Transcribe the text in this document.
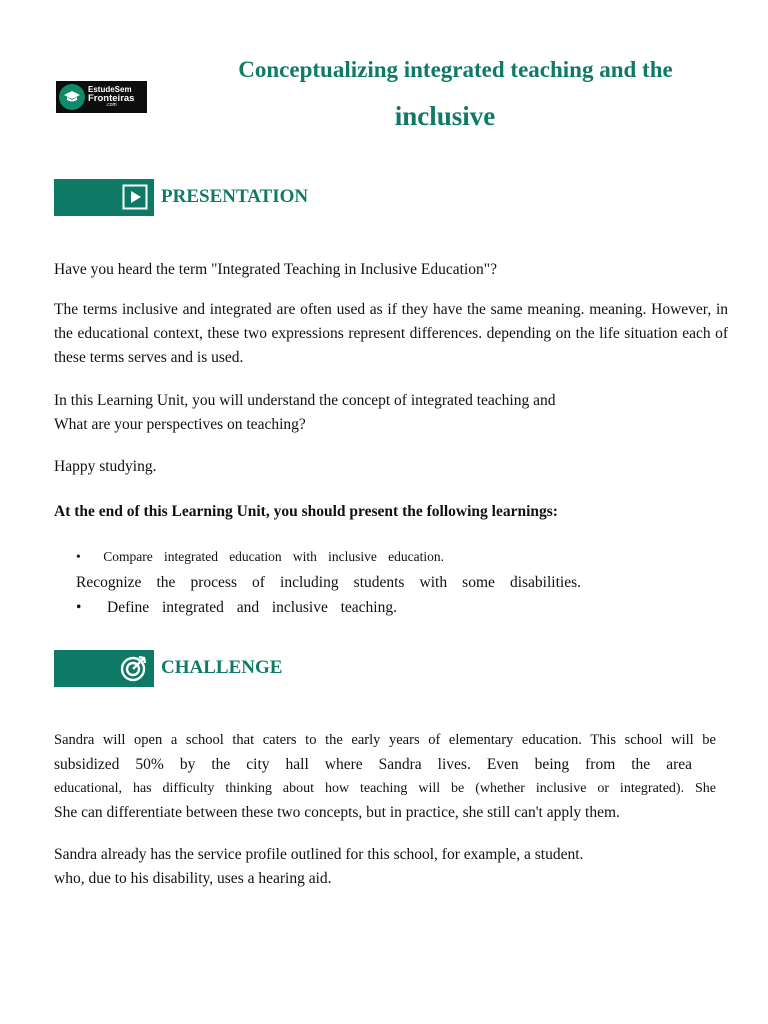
EstudeSem
Fronteiras
.com
Conceptualizing integrated teaching and the
inclusive
PRESENTATION
Have you heard the term "Integrated Teaching in Inclusive Education"?
The terms inclusive and integrated are often used as if they have the same meaning. meaning. However, in the educational context, these two expressions represent differences. depending on the life situation each of these terms serves and is used.
In this Learning Unit, you will understand the concept of integrated teaching and
What are your perspectives on teaching?
Happy studying.
At the end of this Learning Unit, you should present the following learnings:
•  Compare integrated education with inclusive education.
Recognize the process of including students with some disabilities.
•  Define integrated and inclusive teaching.
CHALLENGE
Sandra will open a school that caters to the early years of elementary education. This school will be
subsidized 50% by the city hall where Sandra lives. Even being from the area
educational, has difficulty thinking about how teaching will be (whether inclusive or integrated). She
She can differentiate between these two concepts, but in practice, she still can't apply them.
Sandra already has the service profile outlined for this school, for example, a student.
who, due to his disability, uses a hearing aid.
